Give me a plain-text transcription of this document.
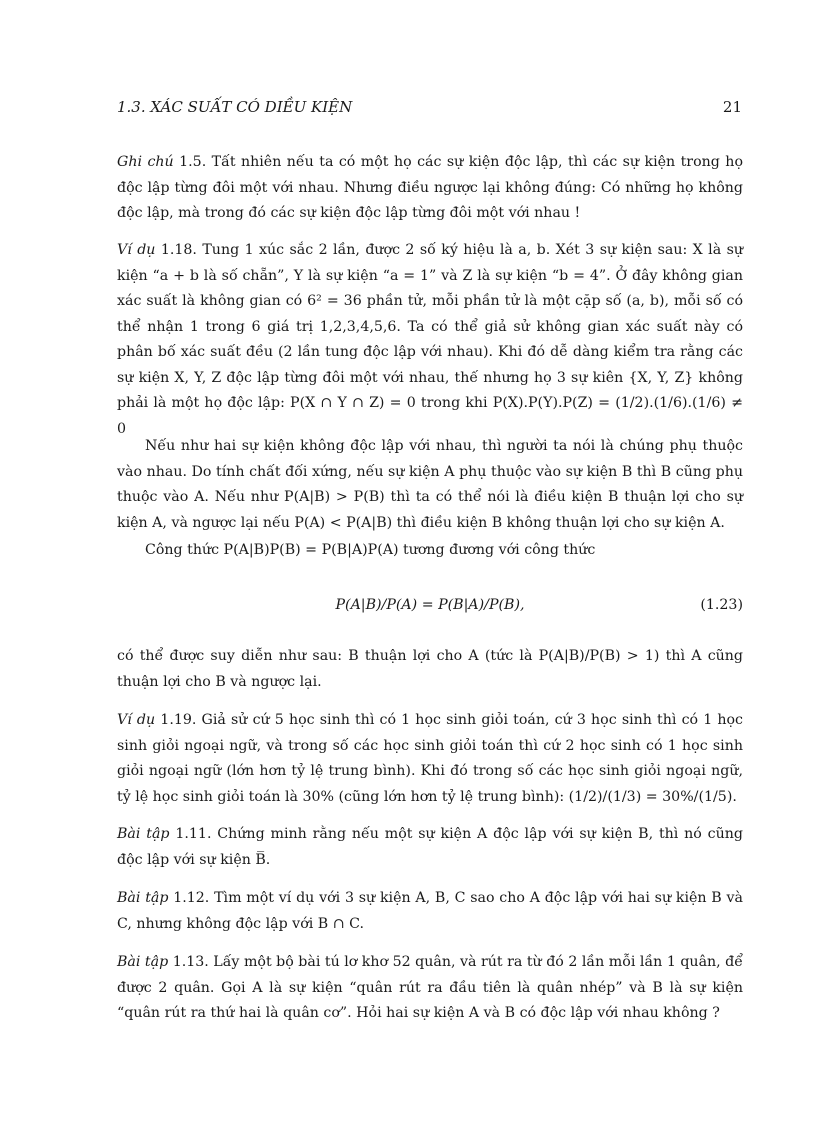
1.3. XÁC SUẤT CÓ DIỀU KIỆN	21
Ghi chú 1.5. Tất nhiên nếu ta có một họ các sự kiện độc lập, thì các sự kiện trong họ độc lập từng đôi một với nhau. Nhưng điều ngược lại không đúng: Có những họ không độc lập, mà trong đó các sự kiện độc lập từng đôi một với nhau !
Ví dụ 1.18. Tung 1 xúc sắc 2 lần, được 2 số ký hiệu là a, b. Xét 3 sự kiện sau: X là sự kiện “a + b là số chẵn”, Y là sự kiện “a = 1” và Z là sự kiện “b = 4”. Ở đây không gian xác suất là không gian có 6² = 36 phần tử, mỗi phần tử là một cặp số (a, b), mỗi số có thể nhận 1 trong 6 giá trị 1,2,3,4,5,6. Ta có thể giả sử không gian xác suất này có phân bố xác suất đều (2 lần tung độc lập với nhau). Khi đó dễ dàng kiểm tra rằng các sự kiện X, Y, Z độc lập từng đôi một với nhau, thế nhưng họ 3 sự kiên {X, Y, Z} không phải là một họ độc lập: P(X ∩ Y ∩ Z) = 0 trong khi P(X).P(Y).P(Z) = (1/2).(1/6).(1/6) ≠ 0
Nếu như hai sự kiện không độc lập với nhau, thì người ta nói là chúng phụ thuộc vào nhau. Do tính chất đối xứng, nếu sự kiện A phụ thuộc vào sự kiện B thì B cũng phụ thuộc vào A. Nếu như P(A|B) > P(B) thì ta có thể nói là điều kiện B thuận lợi cho sự kiện A, và ngược lại nếu P(A) < P(A|B) thì điều kiện B không thuận lợi cho sự kiện A.
Công thức P(A|B)P(B) = P(B|A)P(A) tương đương với công thức
P(A|B)/P(A) = P(B|A)/P(B),	(1.23)
có thể được suy diễn như sau: B thuận lợi cho A (tức là P(A|B)/P(B) > 1) thì A cũng thuận lợi cho B và ngược lại.
Ví dụ 1.19. Giả sử cứ 5 học sinh thì có 1 học sinh giỏi toán, cứ 3 học sinh thì có 1 học sinh giỏi ngoại ngữ, và trong số các học sinh giỏi toán thì cứ 2 học sinh có 1 học sinh giỏi ngoại ngữ (lớn hơn tỷ lệ trung bình). Khi đó trong số các học sinh giỏi ngoại ngữ, tỷ lệ học sinh giỏi toán là 30% (cũng lớn hơn tỷ lệ trung bình): (1/2)/(1/3) = 30%/(1/5).
Bài tập 1.11. Chứng minh rằng nếu một sự kiện A độc lập với sự kiện B, thì nó cũng độc lập với sự kiện B̅.
Bài tập 1.12. Tìm một ví dụ với 3 sự kiện A, B, C sao cho A độc lập với hai sự kiện B và C, nhưng không độc lập với B ∩ C.
Bài tập 1.13. Lấy một bộ bài tú lơ khơ 52 quân, và rút ra từ đó 2 lần mỗi lần 1 quân, để được 2 quân. Gọi A là sự kiện “quân rút ra đầu tiên là quân nhép” và B là sự kiện “quân rút ra thứ hai là quân cơ”. Hỏi hai sự kiện A và B có độc lập với nhau không ?
